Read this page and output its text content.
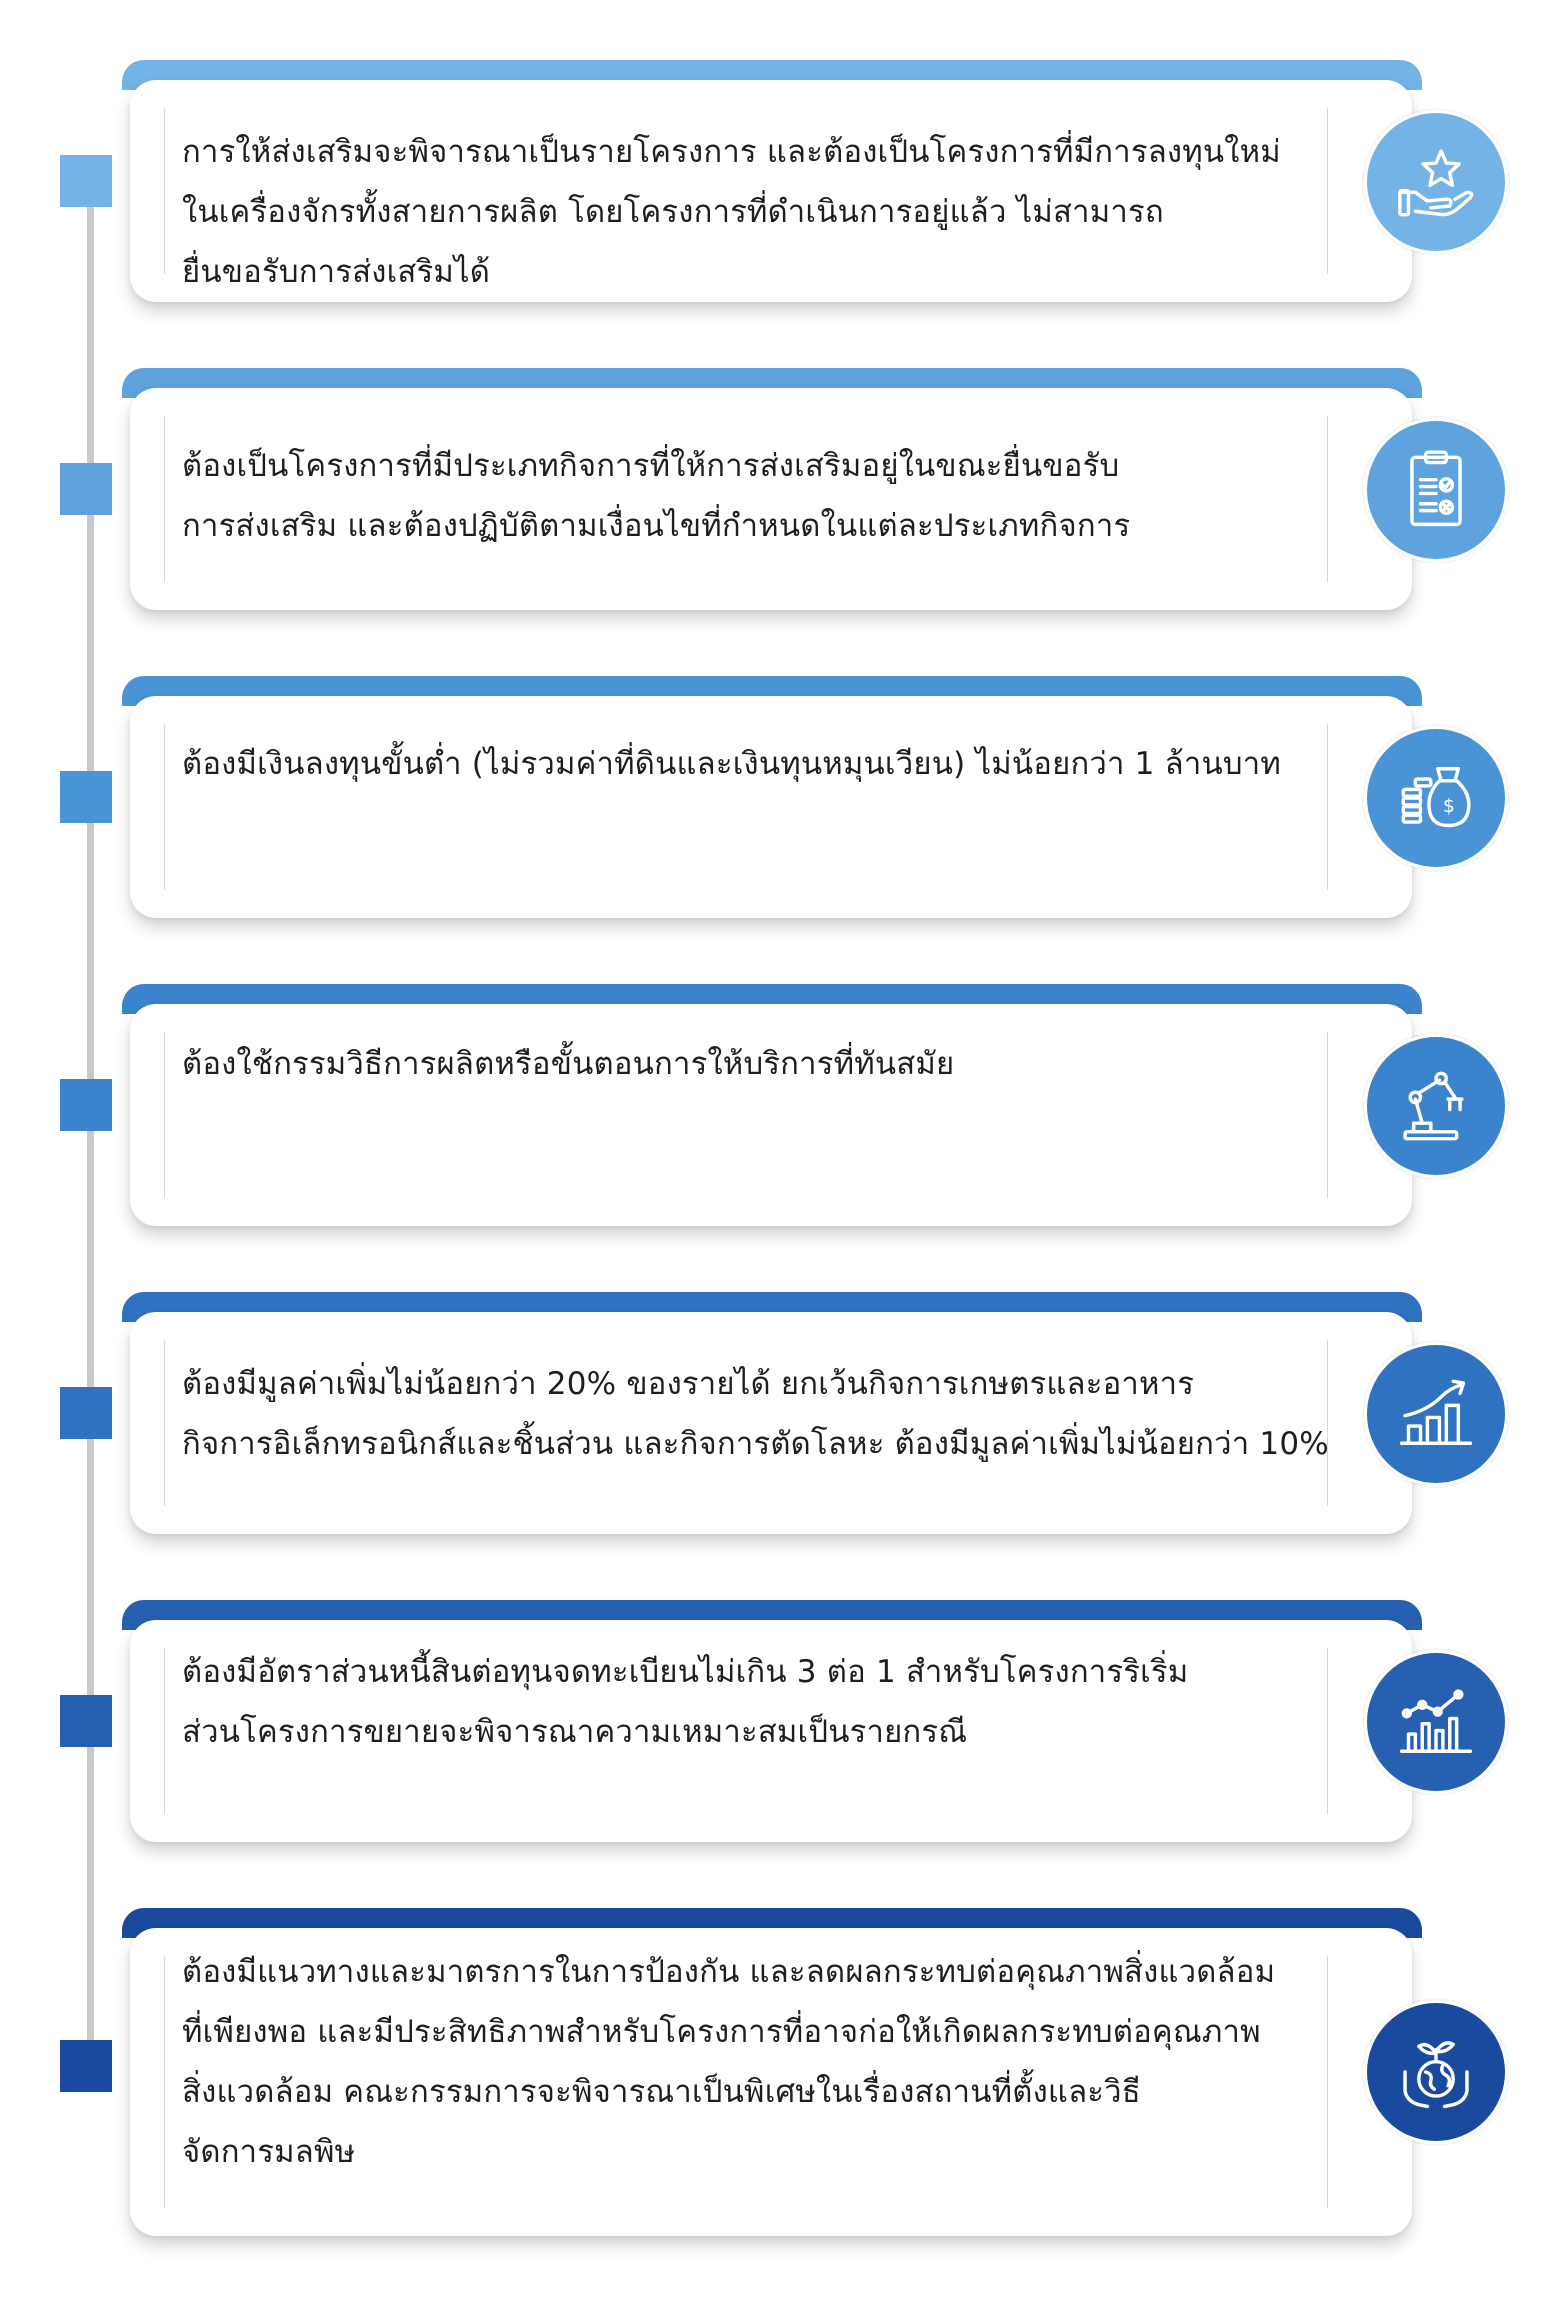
การให้ส่งเสริมจะพิจารณาเป็นรายโครงการ และต้องเป็นโครงการที่มีการลงทุนใหม่
ในเครื่องจักรทั้งสายการผลิต โดยโครงการที่ดำเนินการอยู่แล้ว ไม่สามารถ
ยื่นขอรับการส่งเสริมได้
ต้องเป็นโครงการที่มีประเภทกิจการที่ให้การส่งเสริมอยู่ในขณะยื่นขอรับ
การส่งเสริม และต้องปฏิบัติตามเงื่อนไขที่กำหนดในแต่ละประเภทกิจการ
ต้องมีเงินลงทุนขั้นต่ำ (ไม่รวมค่าที่ดินและเงินทุนหมุนเวียน) ไม่น้อยกว่า 1 ล้านบาท
$
ต้องใช้กรรมวิธีการผลิตหรือขั้นตอนการให้บริการที่ทันสมัย
ต้องมีมูลค่าเพิ่มไม่น้อยกว่า 20% ของรายได้ ยกเว้นกิจการเกษตรและอาหาร
กิจการอิเล็กทรอนิกส์และชิ้นส่วน และกิจการตัดโลหะ ต้องมีมูลค่าเพิ่มไม่น้อยกว่า 10%
ต้องมีอัตราส่วนหนี้สินต่อทุนจดทะเบียนไม่เกิน 3 ต่อ 1 สำหรับโครงการริเริ่ม
ส่วนโครงการขยายจะพิจารณาความเหมาะสมเป็นรายกรณี
ต้องมีแนวทางและมาตรการในการป้องกัน และลดผลกระทบต่อคุณภาพสิ่งแวดล้อม
ที่เพียงพอ และมีประสิทธิภาพสำหรับโครงการที่อาจก่อให้เกิดผลกระทบต่อคุณภาพ
สิ่งแวดล้อม คณะกรรมการจะพิจารณาเป็นพิเศษในเรื่องสถานที่ตั้งและวิธี
จัดการมลพิษ
